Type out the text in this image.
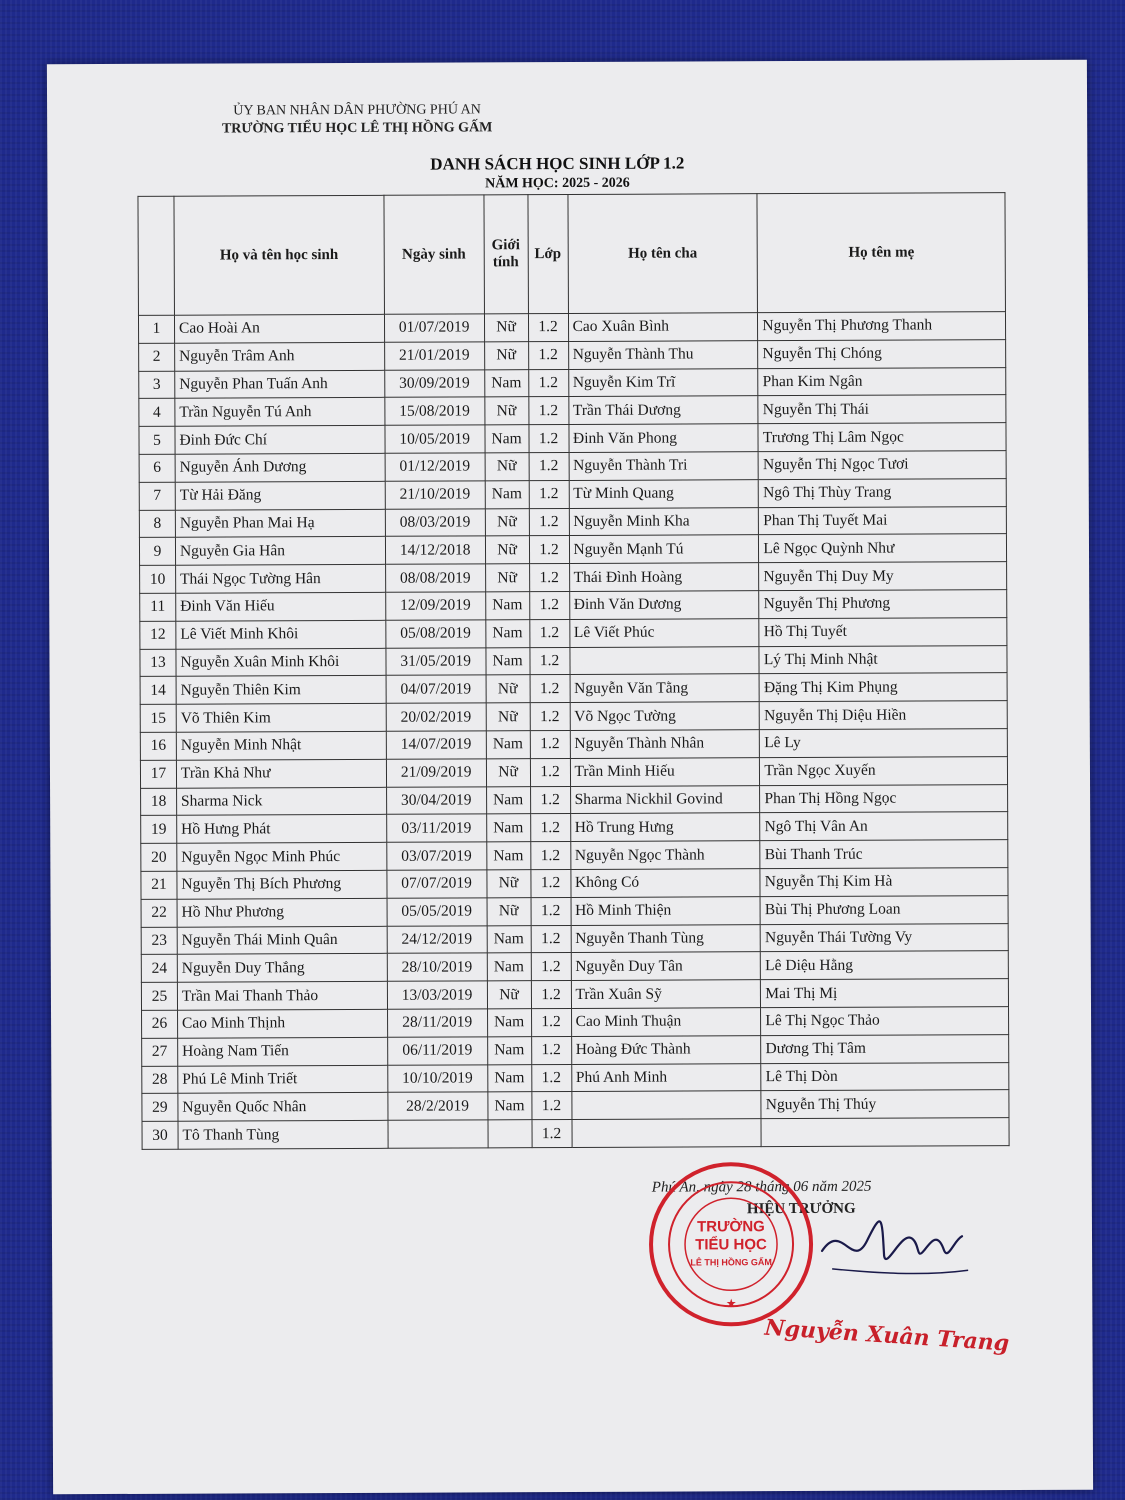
ỦY BAN NHÂN DÂN PHƯỜNG PHÚ AN
TRƯỜNG TIỂU HỌC LÊ THỊ HỒNG GẤM
DANH SÁCH HỌC SINH LỚP 1.2
NĂM HỌC: 2025 - 2026
	Họ và tên học sinh	Ngày sinh	Giới tính	Lớp	Họ tên cha	Họ tên mẹ
1	Cao Hoài An	01/07/2019	Nữ	1.2	Cao Xuân Bình	Nguyễn Thị Phương Thanh
2	Nguyễn Trâm Anh	21/01/2019	Nữ	1.2	Nguyễn Thành Thu	Nguyễn Thị Chóng
3	Nguyễn Phan Tuấn Anh	30/09/2019	Nam	1.2	Nguyễn Kim Trĩ	Phan Kim Ngân
4	Trần Nguyễn Tú Anh	15/08/2019	Nữ	1.2	Trần Thái Dương	Nguyễn Thị Thái
5	Đinh Đức Chí	10/05/2019	Nam	1.2	Đinh Văn Phong	Trương Thị Lâm Ngọc
6	Nguyễn Ánh Dương	01/12/2019	Nữ	1.2	Nguyễn Thành Tri	Nguyễn Thị Ngọc Tươi
7	Từ Hải Đăng	21/10/2019	Nam	1.2	Từ Minh Quang	Ngô Thị Thùy Trang
8	Nguyễn Phan Mai Hạ	08/03/2019	Nữ	1.2	Nguyễn Minh Kha	Phan Thị Tuyết Mai
9	Nguyễn Gia Hân	14/12/2018	Nữ	1.2	Nguyễn Mạnh Tú	Lê Ngọc Quỳnh Như
10	Thái Ngọc Tường Hân	08/08/2019	Nữ	1.2	Thái Đình Hoàng	Nguyễn Thị Duy My
11	Đinh Văn Hiếu	12/09/2019	Nam	1.2	Đinh Văn Dương	Nguyễn Thị Phương
12	Lê Viết Minh Khôi	05/08/2019	Nam	1.2	Lê Viết Phúc	Hồ Thị Tuyết
13	Nguyễn Xuân Minh Khôi	31/05/2019	Nam	1.2		Lý Thị Minh Nhật
14	Nguyễn Thiên Kim	04/07/2019	Nữ	1.2	Nguyễn Văn Tằng	Đặng Thị Kim Phụng
15	Võ Thiên Kim	20/02/2019	Nữ	1.2	Võ Ngọc Tường	Nguyễn Thị Diệu Hiền
16	Nguyễn Minh Nhật	14/07/2019	Nam	1.2	Nguyễn Thành Nhân	Lê Ly
17	Trần Khả Như	21/09/2019	Nữ	1.2	Trần Minh Hiếu	Trần Ngọc Xuyến
18	Sharma Nick	30/04/2019	Nam	1.2	Sharma Nickhil Govind	Phan Thị Hồng Ngọc
19	Hồ Hưng Phát	03/11/2019	Nam	1.2	Hồ Trung Hưng	Ngô Thị Vân An
20	Nguyễn Ngọc Minh Phúc	03/07/2019	Nam	1.2	Nguyễn Ngọc Thành	Bùi Thanh Trúc
21	Nguyễn Thị Bích Phương	07/07/2019	Nữ	1.2	Không Có	Nguyễn Thị Kim Hà
22	Hồ Như Phương	05/05/2019	Nữ	1.2	Hồ Minh Thiện	Bùi Thị Phương Loan
23	Nguyễn Thái Minh Quân	24/12/2019	Nam	1.2	Nguyễn Thanh Tùng	Nguyễn Thái Tường Vy
24	Nguyễn Duy Thắng	28/10/2019	Nam	1.2	Nguyễn Duy Tân	Lê Diệu Hằng
25	Trần Mai Thanh Thảo	13/03/2019	Nữ	1.2	Trần Xuân Sỹ	Mai Thị Mị
26	Cao Minh Thịnh	28/11/2019	Nam	1.2	Cao Minh Thuận	Lê Thị Ngọc Thảo
27	Hoàng Nam Tiến	06/11/2019	Nam	1.2	Hoàng Đức Thành	Dương Thị Tâm
28	Phú Lê Minh Triết	10/10/2019	Nam	1.2	Phú Anh Minh	Lê Thị Dòn
29	Nguyễn Quốc Nhân	28/2/2019	Nam	1.2		Nguyễn Thị Thúy
30	Tô Thanh Tùng			1.2		
Phú An, ngày 28 tháng 06 năm 2025
HIỆU TRƯỞNG
TRƯỜNG
TIỂU HỌC
LÊ THỊ HỒNG GẤM
★
Nguyễn Xuân Trang
